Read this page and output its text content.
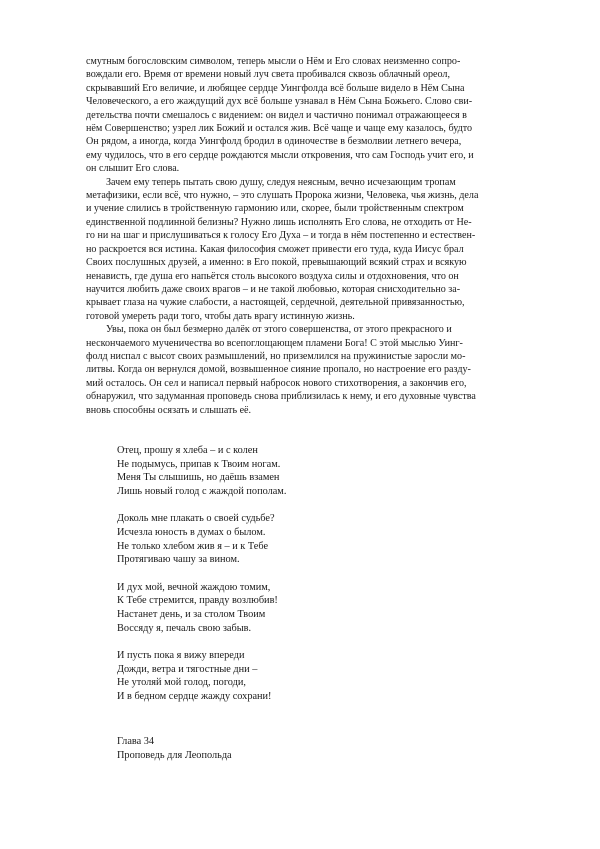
смутным богословским символом, теперь мысли о Нём и Его словах неизменно сопро-
вождали его. Время от времени новый луч света пробивался сквозь облачный ореол,
скрывавший Его величие, и любящее сердце Уингфолда всё больше видело в Нём Сына
Человеческого, а его жаждущий дух всё больше узнавал в Нём Сына Божьего. Слово сви-
детельства почти смешалось с видением: он видел и частично понимал отражающееся в
нём Совершенство; узрел лик Божий и остался жив. Всё чаще и чаще ему казалось, будто
Он рядом, а иногда, когда Уингфолд бродил в одиночестве в безмолвии летнего вечера,
ему чудилось, что в его сердце рождаются мысли откровения, что сам Господь учит его, и
он слышит Его слова.

Зачем ему теперь пытать свою душу, следуя неясным, вечно исчезающим тропам
метафизики, если всё, что нужно, – это слушать Пророка жизни, Человека, чья жизнь, дела
и учение слились в тройственную гармонию или, скорее, были тройственным спектром
единственной подлинной белизны? Нужно лишь исполнять Его слова, не отходить от Не-
го ни на шаг и прислушиваться к голосу Его Духа – и тогда в нём постепенно и естествен-
но раскроется вся истина. Какая философия сможет привести его туда, куда Иисус брал
Своих послушных друзей, а именно: в Его покой, превышающий всякий страх и всякую
ненависть, где душа его напьётся столь высокого воздуха силы и отдохновения, что он
научится любить даже своих врагов – и не такой любовью, которая снисходительно за-
крывает глаза на чужие слабости, а настоящей, сердечной, деятельной привязанностью,
готовой умереть ради того, чтобы дать врагу истинную жизнь.

Увы, пока он был безмерно далёк от этого совершенства, от этого прекрасного и
нескончаемого мученичества во всепоглощающем пламени Бога! С этой мыслью Уинг-
фолд ниспал с высот своих размышлений, но приземлился на пружинистые заросли мо-
литвы. Когда он вернулся домой, возвышенное сияние пропало, но настроение его разду-
мий осталось. Он сел и написал первый набросок нового стихотворения, а закончив его,
обнаружил, что задуманная проповедь снова приблизилась к нему, и его духовные чувства
вновь способны осязать и слышать её.

Отец, прошу я хлеба – и с колен
Не подымусь, припав к Твоим ногам.
Меня Ты слышишь, но даёшь взамен
Лишь новый голод с жаждой пополам.
Доколь мне плакать о своей судьбе?
Исчезла юность в думах о былом.
Не только хлебом жив я – и к Тебе
Протягиваю чашу за вином.
И дух мой, вечной жаждою томим,
К Тебе стремится, правду возлюбив!
Настанет день, и за столом Твоим
Воссяду я, печаль свою забыв.
И пусть пока я вижу впереди
Дожди, ветра и тягостные дни –
Не утоляй мой голод, погоди,
И в бедном сердце жажду сохрани!
Глава 34
Проповедь для Леопольда
